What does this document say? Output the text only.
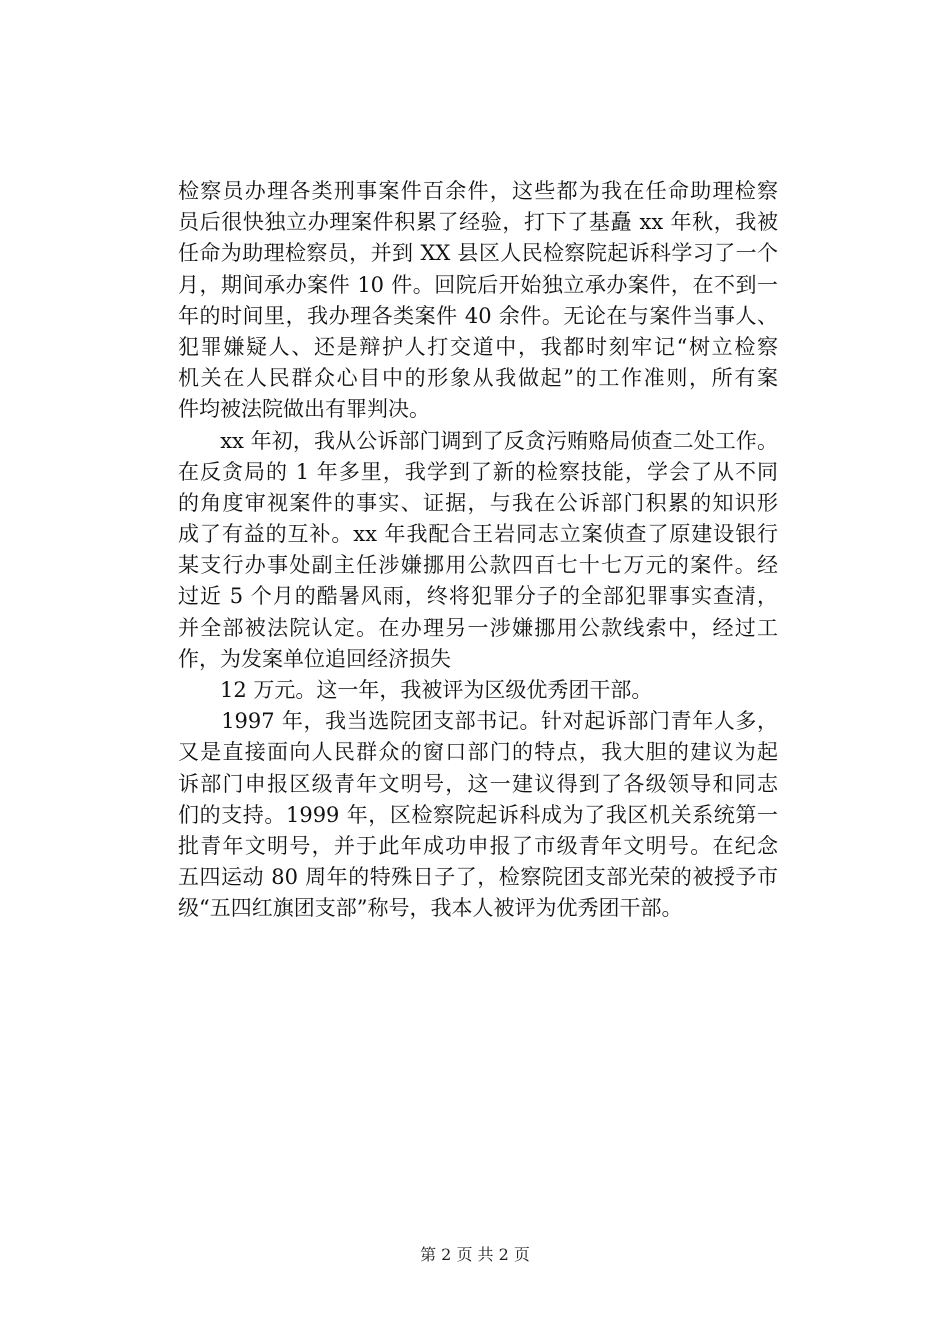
检察员办理各类刑事案件百余件，这些都为我在任命助理检察
员后很快独立办理案件积累了经验，打下了基矗 xx 年秋，我被
任命为助理检察员，并到 XX 县区人民检察院起诉科学习了一个
月，期间承办案件 10 件。回院后开始独立承办案件，在不到一
年的时间里，我办理各类案件 40 余件。无论在与案件当事人、
犯罪嫌疑人、还是辩护人打交道中，我都时刻牢记“树立检察
机关在人民群众心目中的形象从我做起”的工作准则，所有案
件均被法院做出有罪判决。
　　xx 年初，我从公诉部门调到了反贪污贿赂局侦查二处工作。
在反贪局的 1 年多里，我学到了新的检察技能，学会了从不同
的角度审视案件的事实、证据，与我在公诉部门积累的知识形
成了有益的互补。xx 年我配合王岩同志立案侦查了原建设银行
某支行办事处副主任涉嫌挪用公款四百七十七万元的案件。经
过近 5 个月的酷暑风雨，终将犯罪分子的全部犯罪事实查清，
并全部被法院认定。在办理另一涉嫌挪用公款线索中，经过工
作，为发案单位追回经济损失
　　12 万元。这一年，我被评为区级优秀团干部。
　　1997 年，我当选院团支部书记。针对起诉部门青年人多，
又是直接面向人民群众的窗口部门的特点，我大胆的建议为起
诉部门申报区级青年文明号，这一建议得到了各级领导和同志
们的支持。1999 年，区检察院起诉科成为了我区机关系统第一
批青年文明号，并于此年成功申报了市级青年文明号。在纪念
五四运动 80 周年的特殊日子了，检察院团支部光荣的被授予市
级“五四红旗团支部”称号，我本人被评为优秀团干部。
第 2 页 共 2 页
